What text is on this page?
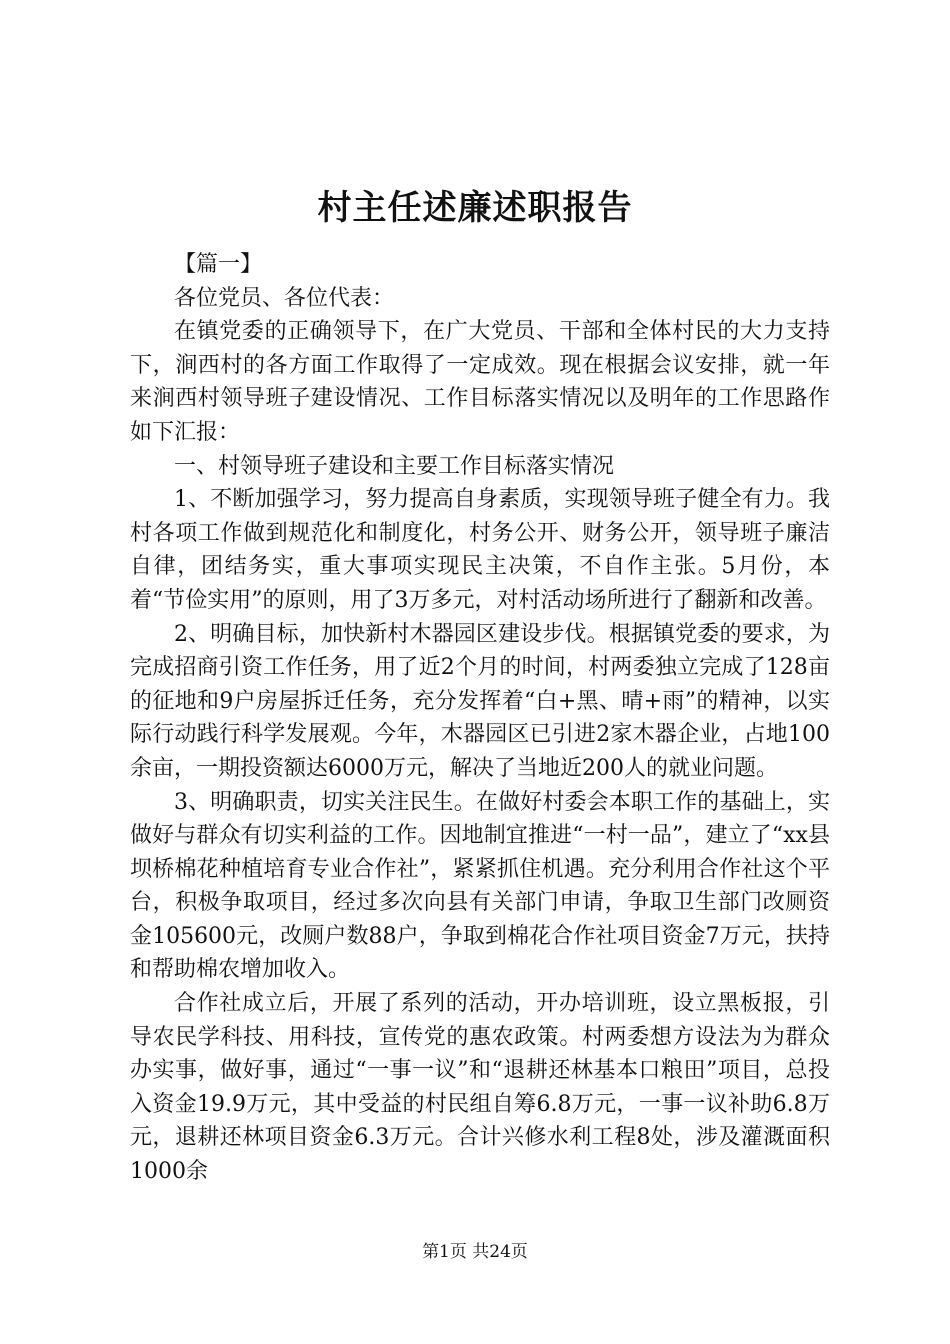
村主任述廉述职报告

【篇一】

各位党员、各位代表：

在镇党委的正确领导下，在广大党员、干部和全体村民的大力支持下，涧西村的各方面工作取得了一定成效。现在根据会议安排，就一年来涧西村领导班子建设情况、工作目标落实情况以及明年的工作思路作如下汇报：

一、村领导班子建设和主要工作目标落实情况

1、不断加强学习，努力提高自身素质，实现领导班子健全有力。我村各项工作做到规范化和制度化，村务公开、财务公开，领导班子廉洁自律，团结务实，重大事项实现民主决策，不自作主张。5月份，本着“节俭实用”的原则，用了3万多元，对村活动场所进行了翻新和改善。

2、明确目标，加快新村木器园区建设步伐。根据镇党委的要求，为完成招商引资工作任务，用了近2个月的时间，村两委独立完成了128亩的征地和9户房屋拆迁任务，充分发挥着“白+黑、晴+雨”的精神，以实际行动践行科学发展观。今年，木器园区已引进2家木器企业，占地100余亩，一期投资额达6000万元，解决了当地近200人的就业问题。

3、明确职责，切实关注民生。在做好村委会本职工作的基础上，实做好与群众有切实利益的工作。因地制宜推进“一村一品”，建立了“xx县坝桥棉花种植培育专业合作社”，紧紧抓住机遇。充分利用合作社这个平台，积极争取项目，经过多次向县有关部门申请，争取卫生部门改厕资金105600元，改厕户数88户，争取到棉花合作社项目资金7万元，扶持和帮助棉农增加收入。

合作社成立后，开展了系列的活动，开办培训班，设立黑板报，引导农民学科技、用科技，宣传党的惠农政策。村两委想方设法为为群众办实事，做好事，通过“一事一议”和“退耕还林基本口粮田”项目，总投入资金19.9万元，其中受益的村民组自筹6.8万元，一事一议补助6.8万元，退耕还林项目资金6.3万元。合计兴修水利工程8处，涉及灌溉面积1000余

第1页 共24页
